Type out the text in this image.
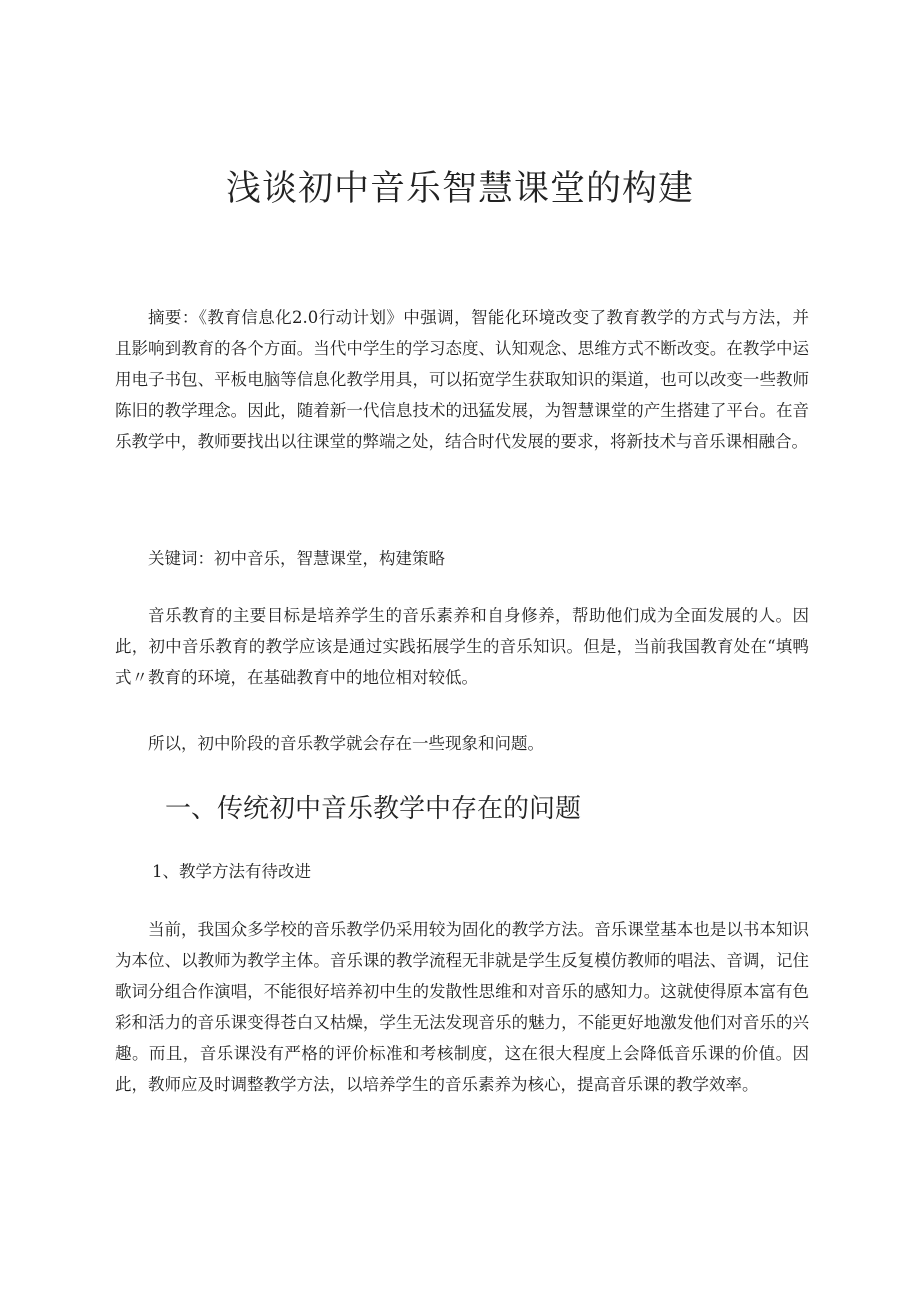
浅谈初中音乐智慧课堂的构建

摘要：《教育信息化2.0行动计划》中强调，智能化环境改变了教育教学的方式与方法，并且影响到教育的各个方面。当代中学生的学习态度、认知观念、思维方式不断改变。在教学中运用电子书包、平板电脑等信息化教学用具，可以拓宽学生获取知识的渠道，也可以改变一些教师陈旧的教学理念。因此，随着新一代信息技术的迅猛发展，为智慧课堂的产生搭建了平台。在音乐教学中，教师要找出以往课堂的弊端之处，结合时代发展的要求，将新技术与音乐课相融合。

关键词：初中音乐，智慧课堂，构建策略

音乐教育的主要目标是培养学生的音乐素养和自身修养，帮助他们成为全面发展的人。因此，初中音乐教育的教学应该是通过实践拓展学生的音乐知识。但是，当前我国教育处在“填鸭式〃教育的环境，在基础教育中的地位相对较低。

所以，初中阶段的音乐教学就会存在一些现象和问题。

一、传统初中音乐教学中存在的问题
1、教学方法有待改进

当前，我国众多学校的音乐教学仍采用较为固化的教学方法。音乐课堂基本也是以书本知识为本位、以教师为教学主体。音乐课的教学流程无非就是学生反复模仿教师的唱法、音调，记住歌词分组合作演唱，不能很好培养初中生的发散性思维和对音乐的感知力。这就使得原本富有色彩和活力的音乐课变得苍白又枯燥，学生无法发现音乐的魅力，不能更好地激发他们对音乐的兴趣。而且，音乐课没有严格的评价标准和考核制度，这在很大程度上会降低音乐课的价值。因此，教师应及时调整教学方法，以培养学生的音乐素养为核心，提高音乐课的教学效率。
